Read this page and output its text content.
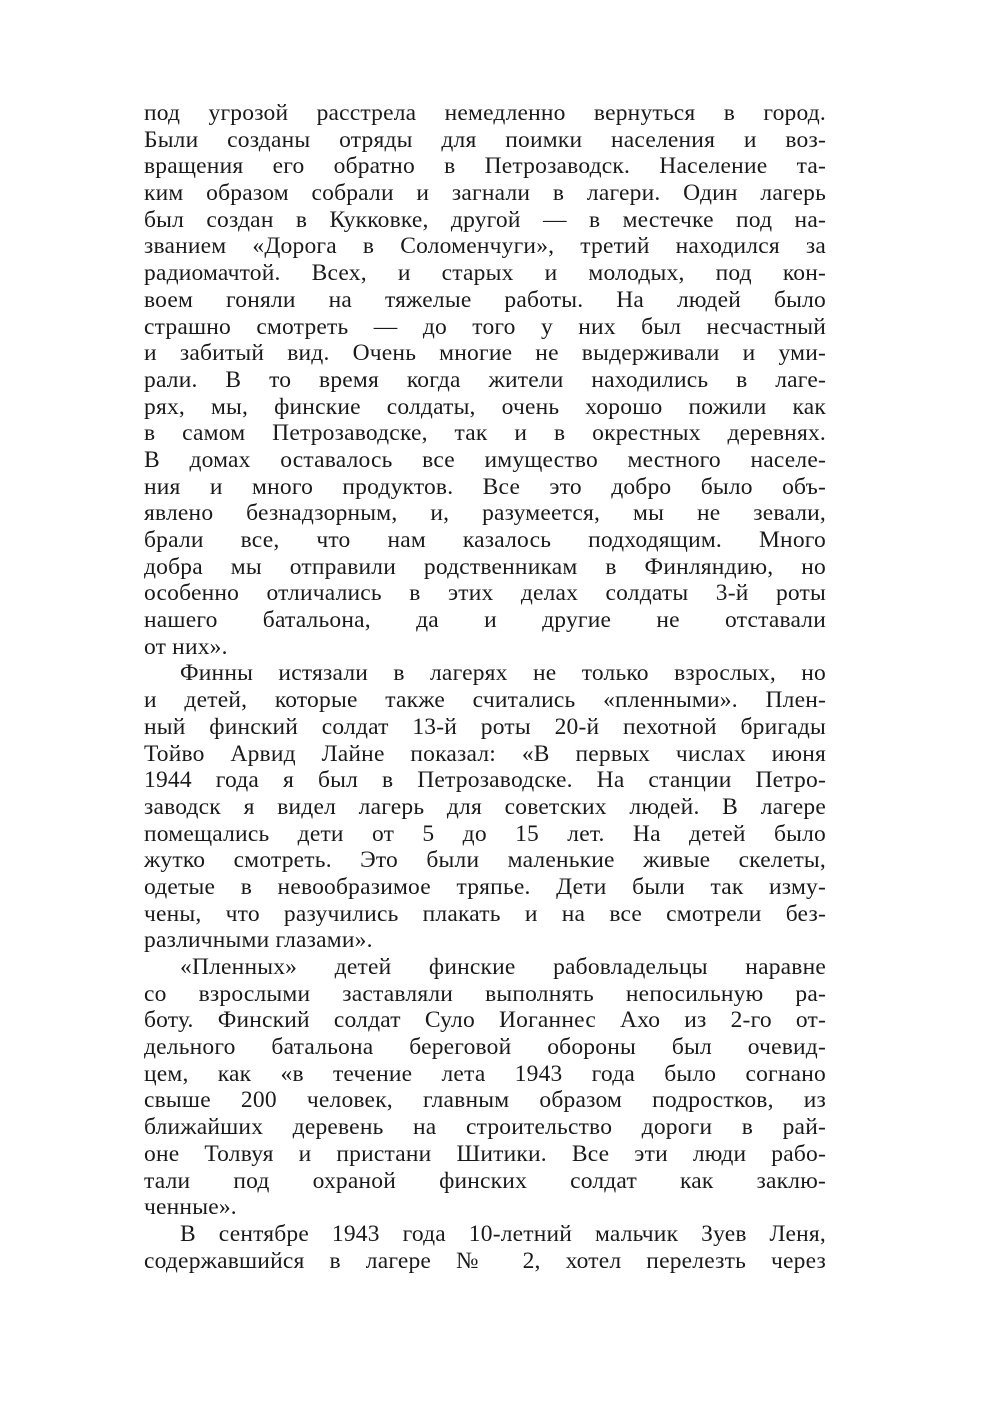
под угрозой расстрела немедленно вернуться в город.
Были созданы отряды для поимки населения и воз-
вращения его обратно в Петрозаводск. Население та-
ким образом собрали и загнали в лагери. Один лагерь
был создан в Кукковке, другой — в местечке под на-
званием «Дорога в Соломенчуги», третий находился за
радиомачтой. Всех, и старых и молодых, под кон-
воем гоняли на тяжелые работы. На людей было
страшно смотреть — до того у них был несчастный
и забитый вид. Очень многие не выдерживали и уми-
рали. В то время когда жители находились в лаге-
рях, мы, финские солдаты, очень хорошо пожили как
в самом Петрозаводске, так и в окрестных деревнях.
В домах оставалось все имущество местного населе-
ния и много продуктов. Все это добро было объ-
явлено безнадзорным, и, разумеется, мы не зевали,
брали все, что нам казалось подходящим. Много
добра мы отправили родственникам в Финляндию, но
особенно отличались в этих делах солдаты 3-й роты
нашего батальона, да и другие не отставали
от них».
Финны истязали в лагерях не только взрослых, но
и детей, которые также считались «пленными». Плен-
ный финский солдат 13-й роты 20-й пехотной бригады
Тойво Арвид Лайне показал: «В первых числах июня
1944 года я был в Петрозаводске. На станции Петро-
заводск я видел лагерь для советских людей. В лагере
помещались дети от 5 до 15 лет. На детей было
жутко смотреть. Это были маленькие живые скелеты,
одетые в невообразимое тряпье. Дети были так изму-
чены, что разучились плакать и на все смотрели без-
различными глазами».
«Пленных» детей финские рабовладельцы наравне
со взрослыми заставляли выполнять непосильную ра-
боту. Финский солдат Суло Иоганнес Ахо из 2-го от-
дельного батальона береговой обороны был очевид-
цем, как «в течение лета 1943 года было согнано
свыше 200 человек, главным образом подростков, из
ближайших деревень на строительство дороги в рай-
оне Толвуя и пристани Шитики. Все эти люди рабо-
тали под охраной финских солдат как заклю-
ченные».
В сентябре 1943 года 10-летний мальчик Зуев Леня,
содержавшийся в лагере № 2, хотел перелезть через
